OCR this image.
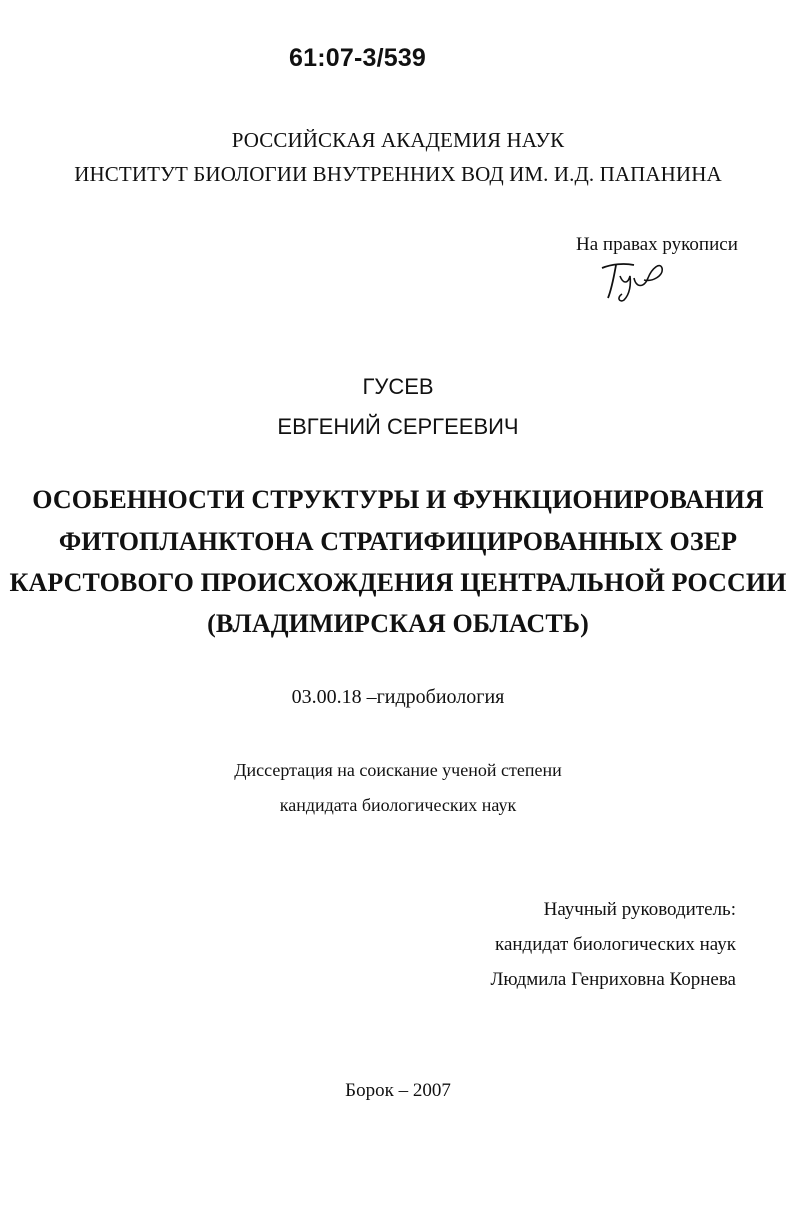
61:07-3/539
РОССИЙСКАЯ АКАДЕМИЯ НАУК
ИНСТИТУТ БИОЛОГИИ ВНУТРЕННИХ ВОД ИМ. И.Д. ПАПАНИНА
На правах рукописи
ГУСЕВ
ЕВГЕНИЙ СЕРГЕЕВИЧ
ОСОБЕННОСТИ СТРУКТУРЫ И ФУНКЦИОНИРОВАНИЯ
ФИТОПЛАНКТОНА СТРАТИФИЦИРОВАННЫХ ОЗЕР
КАРСТОВОГО ПРОИСХОЖДЕНИЯ ЦЕНТРАЛЬНОЙ РОССИИ
(ВЛАДИМИРСКАЯ ОБЛАСТЬ)
03.00.18 –гидробиология
Диссертация на соискание ученой степени
кандидата биологических наук
Научный руководитель:
кандидат биологических наук
Людмила Генриховна Корнева
Борок – 2007
